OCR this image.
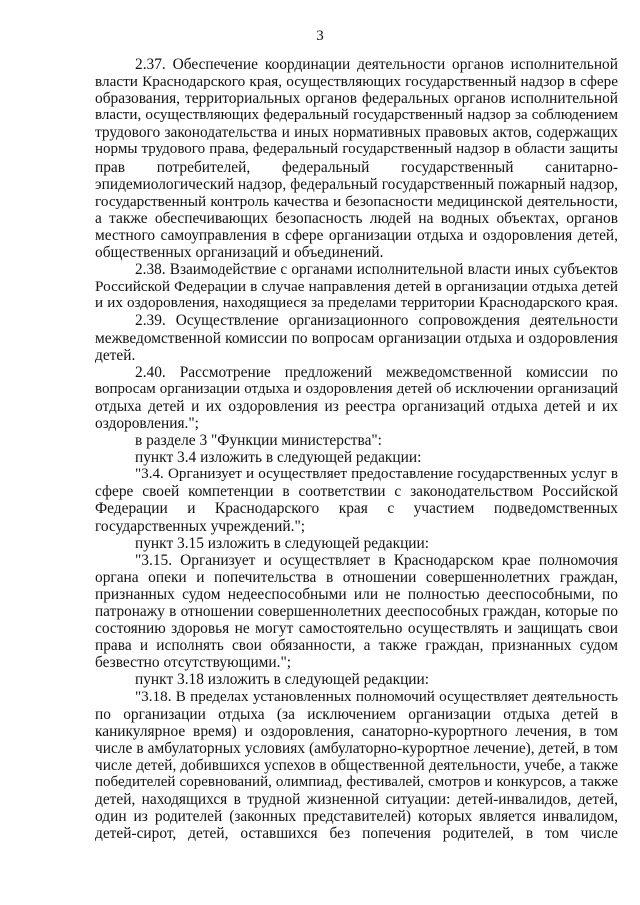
3
2.37. Обеспечение координации деятельности органов исполнительной
власти Краснодарского края, осуществляющих государственный надзор в сфере
образования, территориальных органов федеральных органов исполнительной
власти, осуществляющих федеральный государственный надзор за соблюдением
трудового законодательства и иных нормативных правовых актов, содержащих
нормы трудового права, федеральный государственный надзор в области защиты
прав потребителей, федеральный государственный санитарно-
эпидемиологический надзор, федеральный государственный пожарный надзор,
государственный контроль качества и безопасности медицинской деятельности,
а также обеспечивающих безопасность людей на водных объектах, органов
местного самоуправления в сфере организации отдыха и оздоровления детей,
общественных организаций и объединений.
2.38. Взаимодействие с органами исполнительной власти иных субъектов
Российской Федерации в случае направления детей в организации отдыха детей
и их оздоровления, находящиеся за пределами территории Краснодарского края.
2.39. Осуществление организационного сопровождения деятельности
межведомственной комиссии по вопросам организации отдыха и оздоровления
детей.
2.40. Рассмотрение предложений межведомственной комиссии по
вопросам организации отдыха и оздоровления детей об исключении организаций
отдыха детей и их оздоровления из реестра организаций отдыха детей и их
оздоровления.";
в разделе 3 "Функции министерства":
пункт 3.4 изложить в следующей редакции:
"3.4. Организует и осуществляет предоставление государственных услуг в
сфере своей компетенции в соответствии с законодательством Российской
Федерации и Краснодарского края с участием подведомственных
государственных учреждений.";
пункт 3.15 изложить в следующей редакции:
"3.15. Организует и осуществляет в Краснодарском крае полномочия
органа опеки и попечительства в отношении совершеннолетних граждан,
признанных судом недееспособными или не полностью дееспособными, по
патронажу в отношении совершеннолетних дееспособных граждан, которые по
состоянию здоровья не могут самостоятельно осуществлять и защищать свои
права и исполнять свои обязанности, а также граждан, признанных судом
безвестно отсутствующими.";
пункт 3.18 изложить в следующей редакции:
"3.18. В пределах установленных полномочий осуществляет деятельность
по организации отдыха (за исключением организации отдыха детей в
каникулярное время) и оздоровления, санаторно-курортного лечения, в том
числе в амбулаторных условиях (амбулаторно-курортное лечение), детей, в том
числе детей, добившихся успехов в общественной деятельности, учебе, а также
победителей соревнований, олимпиад, фестивалей, смотров и конкурсов, а также
детей, находящихся в трудной жизненной ситуации: детей-инвалидов, детей,
один из родителей (законных представителей) которых является инвалидом,
детей-сирот, детей, оставшихся без попечения родителей, в том числе
